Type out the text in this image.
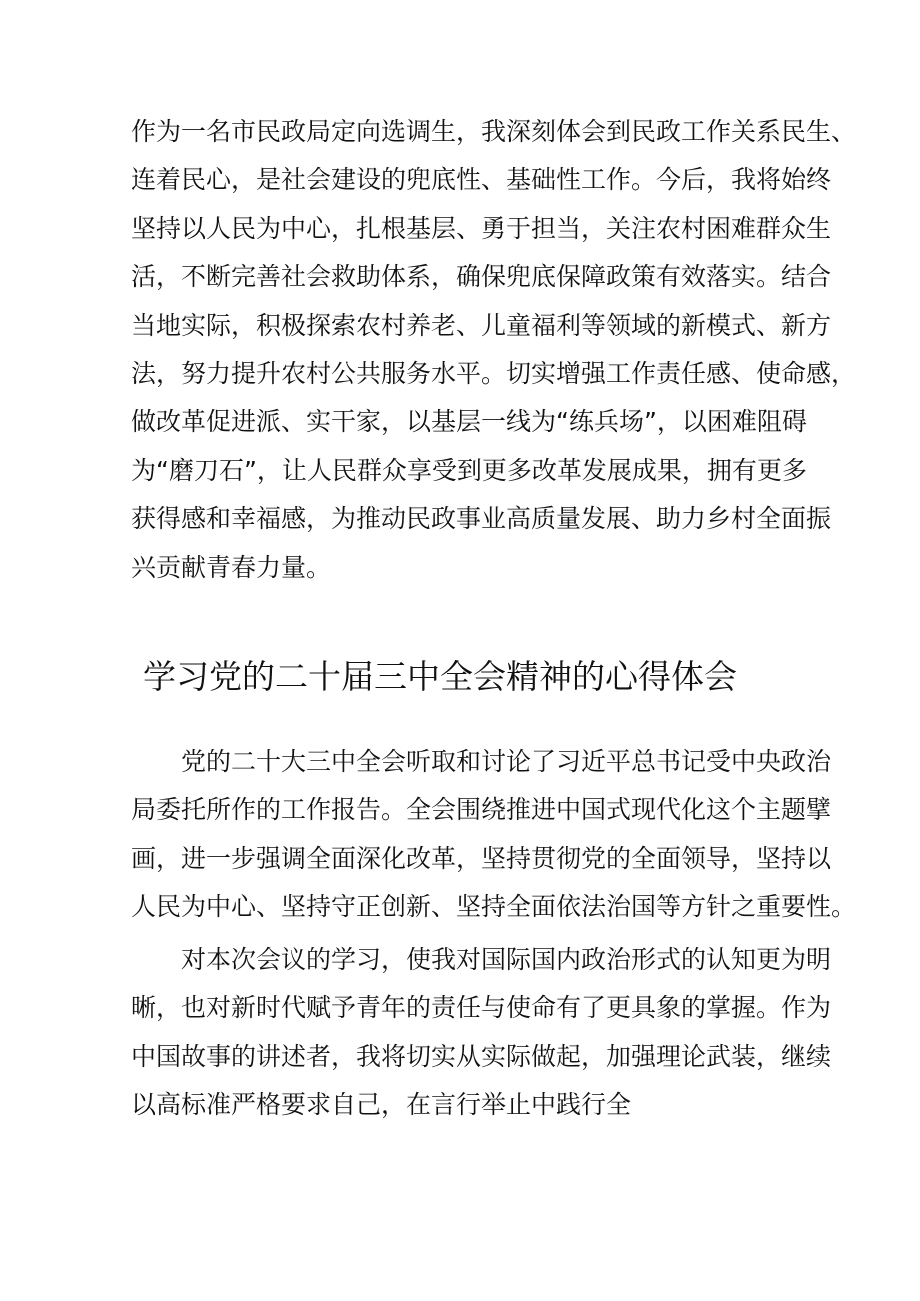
作为一名市民政局定向选调生，我深刻体会到民政工作关系民生、
连着民心，是社会建设的兜底性、基础性工作。今后，我将始终
坚持以人民为中心，扎根基层、勇于担当，关注农村困难群众生
活，不断完善社会救助体系，确保兜底保障政策有效落实。结合
当地实际，积极探索农村养老、儿童福利等领域的新模式、新方
法，努力提升农村公共服务水平。切实增强工作责任感、使命感，
做改革促进派、实干家，以基层一线为“练兵场”，以困难阻碍
为“磨刀石”，让人民群众享受到更多改革发展成果，拥有更多
获得感和幸福感，为推动民政事业高质量发展、助力乡村全面振
兴贡献青春力量。
学习党的二十届三中全会精神的心得体会
党的二十大三中全会听取和讨论了习近平总书记受中央政治
局委托所作的工作报告。全会围绕推进中国式现代化这个主题擘
画，进一步强调全面深化改革，坚持贯彻党的全面领导，坚持以
人民为中心、坚持守正创新、坚持全面依法治国等方针之重要性。
对本次会议的学习，使我对国际国内政治形式的认知更为明
晰，也对新时代赋予青年的责任与使命有了更具象的掌握。作为
中国故事的讲述者，我将切实从实际做起，加强理论武装，继续
以高标准严格要求自己，在言行举止中践行全
